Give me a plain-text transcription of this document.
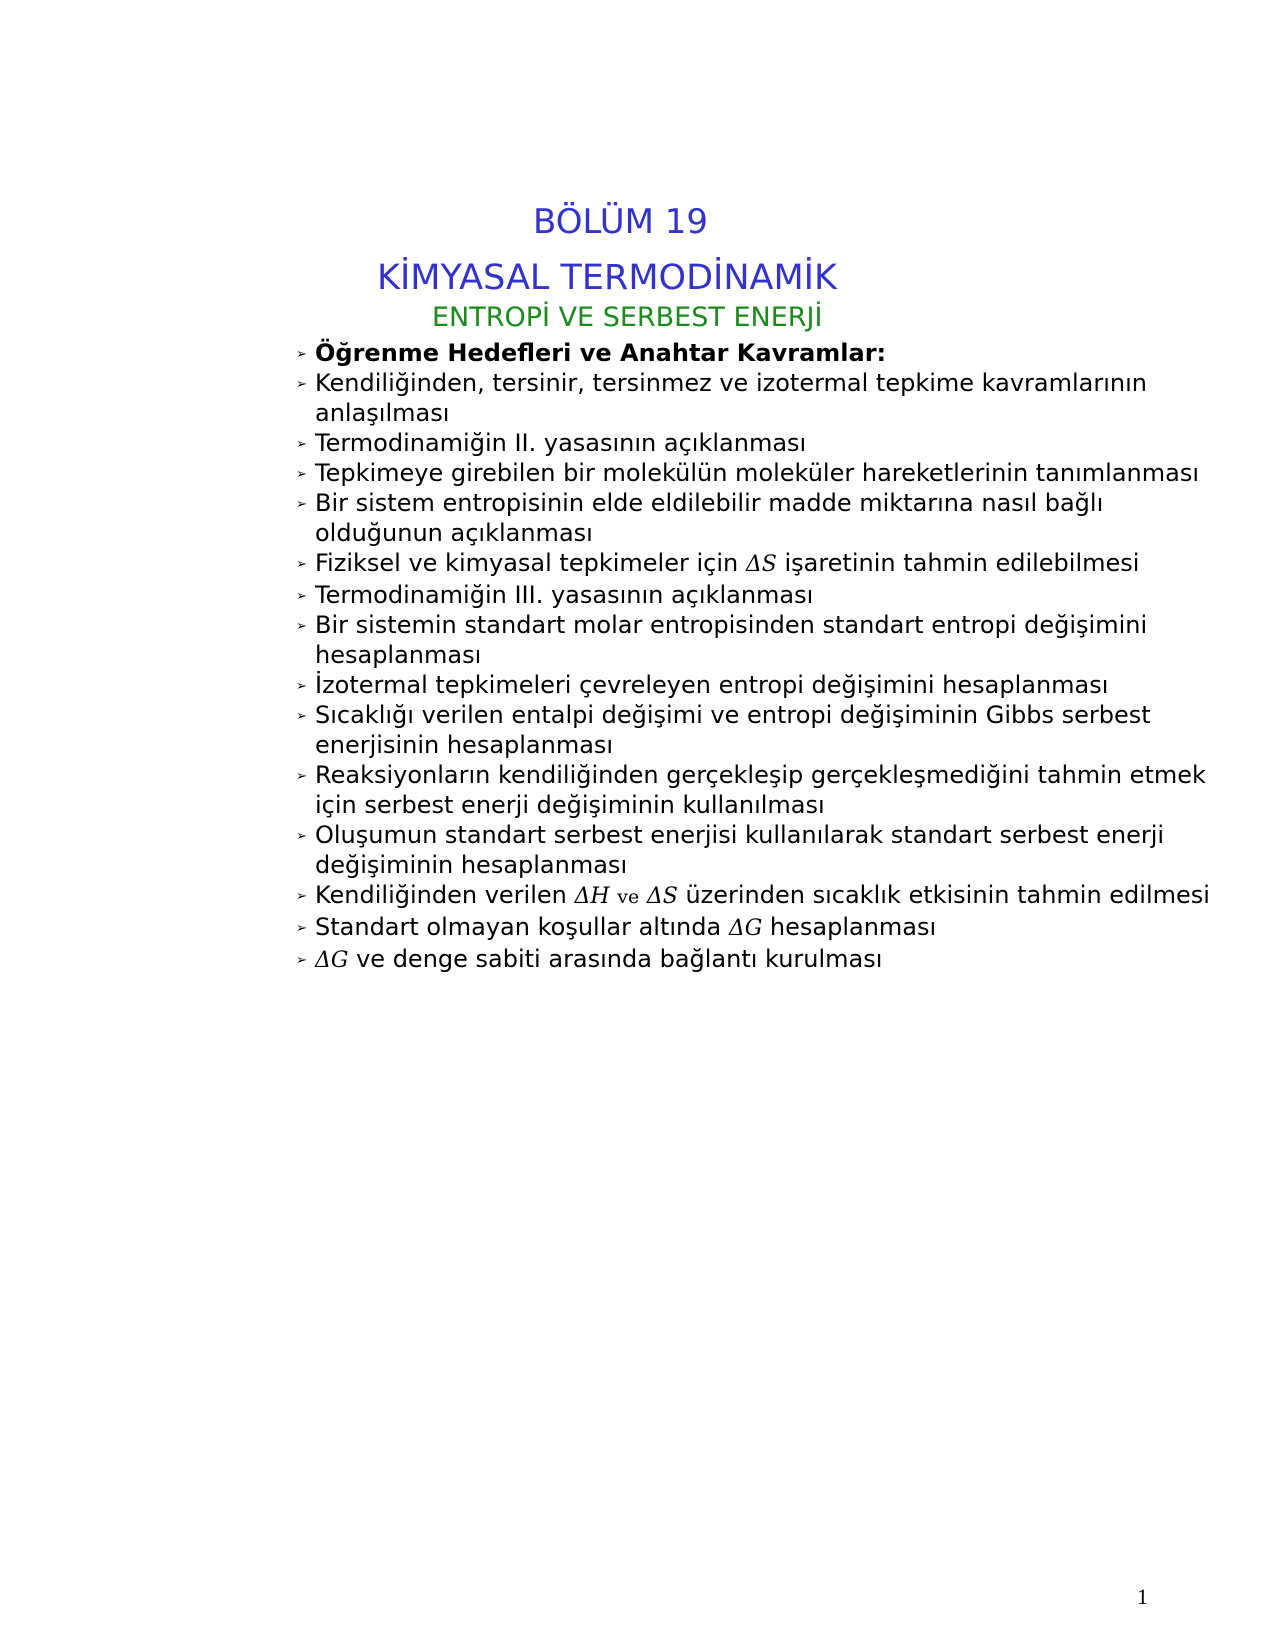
BÖLÜM 19
KİMYASAL TERMODİNAMİK
ENTROPİ VE SERBEST ENERJİ
➢ Öğrenme Hedefleri ve Anahtar Kavramlar:
➢ Kendiliğinden, tersinir, tersinmez ve izotermal tepkime kavramlarının anlaşılması
➢ Termodinamiğin II. yasasının açıklanması
➢ Tepkimeye girebilen bir molekülün moleküler hareketlerinin tanımlanması
➢ Bir sistem entropisinin elde eldilebilir madde miktarına nasıl bağlı olduğunun açıklanması
➢ Fiziksel ve kimyasal tepkimeler için ΔS işaretinin tahmin edilebilmesi
➢ Termodinamiğin III. yasasının açıklanması
➢ Bir sistemin standart molar entropisinden standart entropi değişimini hesaplanması
➢ İzotermal tepkimeleri çevreleyen entropi değişimini hesaplanması
➢ Sıcaklığı verilen entalpi değişimi ve entropi değişiminin Gibbs serbest enerjisinin hesaplanması
➢ Reaksiyonların kendiliğinden gerçekleşip gerçekleşmediğini tahmin etmek için serbest enerji değişiminin kullanılması
➢ Oluşumun standart serbest enerjisi kullanılarak standart serbest enerji değişiminin hesaplanması
➢ Kendiliğinden verilen ΔH ve ΔS üzerinden sıcaklık etkisinin tahmin edilmesi
➢ Standart olmayan koşullar altında ΔG hesaplanması
➢ ΔG ve denge sabiti arasında bağlantı kurulması
1
